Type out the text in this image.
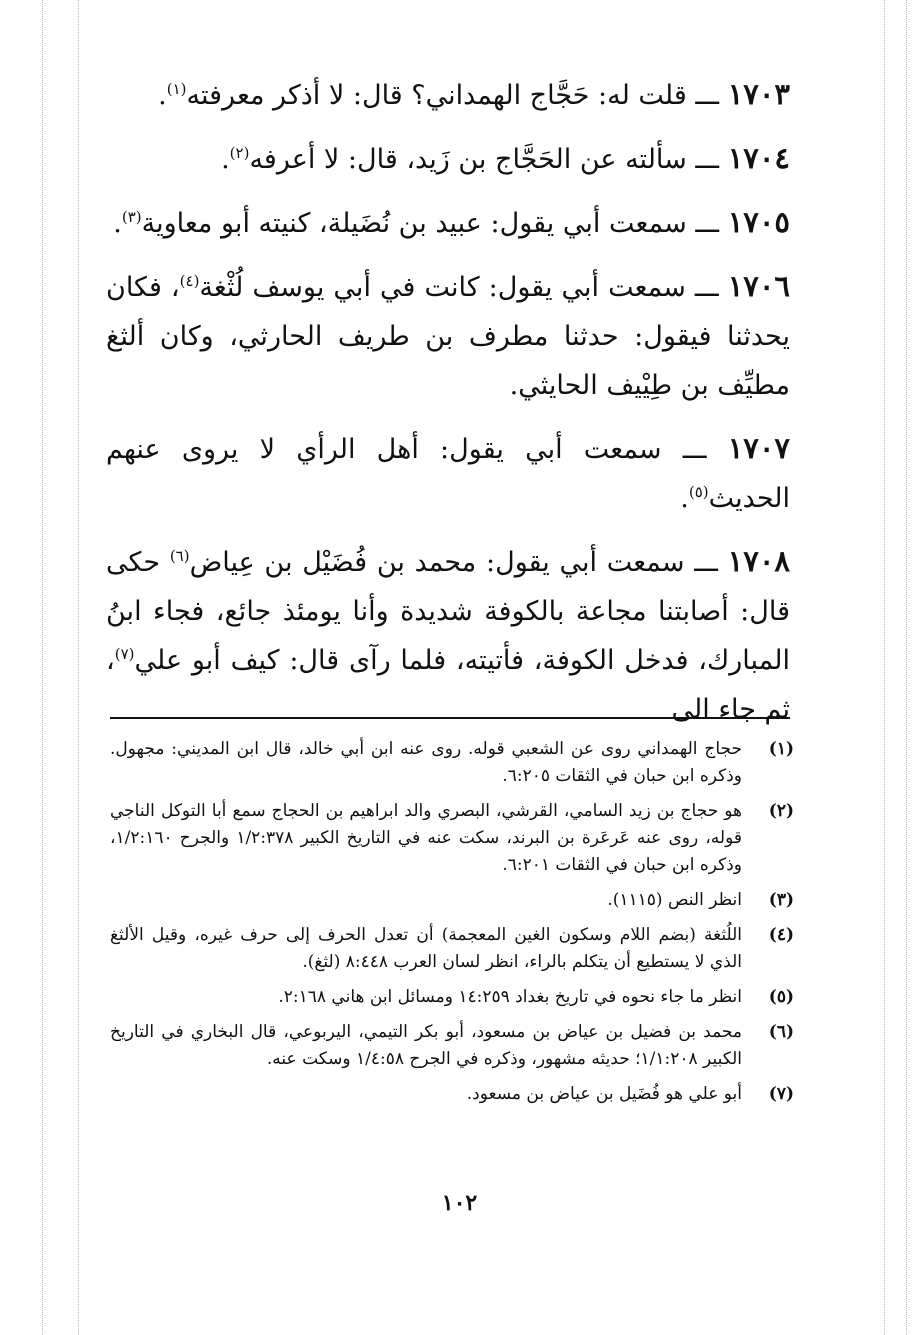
١٧٠٣ ـــ قلت له: حَجَّاج الهمداني؟ قال: لا أذكر معرفته$^{(١)}$.

١٧٠٤ ـــ سألته عن الحَجَّاج بن زَيد، قال: لا أعرفه$^{(٢)}$.

١٧٠٥ ـــ سمعت أبي يقول: عبيد بن نُضَيلة، كنيته أبو معاوية$^{(٣)}$.

١٧٠٦ ـــ سمعت أبي يقول: كانت في أبي يوسف لُثْغة$^{(٤)}$، فكان يحدثنا فيقول: حدثنا مطرف بن طريف الحارثي، وكان ألثغ مطيِّف بن طِيْيف الحايثي.

١٧٠٧ ـــ سمعت أبي يقول: أهل الرأي لا يروى عنهم الحديث$^{(٥)}$.

١٧٠٨ ـــ سمعت أبي يقول: محمد بن فُضَيْل بن عِياض$^{(٦)}$ حكى قال: أصابتنا مجاعة بالكوفة شديدة وأنا يومئذ جائع، فجاء ابنُ المبارك، فدخل الكوفة، فأتيته، فلما رآى قال: كيف أبو علي$^{(٧)}$، ثم جاء الى

(١)
حجاج الهمداني روى عن الشعبي قوله. روى عنه ابن أبي خالد، قال ابن المديني: مجهول. وذكره ابن حبان في الثقات ٦:٢٠٥.
(٢)
هو حجاج بن زيد السامي، القرشي، البصري والد ابراهيم بن الحجاج سمع أبا التوكل الناجي قوله، روى عنه عَرعَرة بن البرند، سكت عنه في التاريخ الكبير ١/٢:٣٧٨ والجرح ١/٢:١٦٠، وذكره ابن حبان في الثقات ٦:٢٠١.
(٣)
انظر النص (١١١٥).
(٤)
اللُثغة (بضم اللام وسكون الغين المعجمة) أن تعدل الحرف إلى حرف غيره، وقيل الألثغ الذي لا يستطيع أن يتكلم بالراء، انظر لسان العرب ٨:٤٤٨ (لثغ).
(٥)
انظر ما جاء نحوه في تاريخ بغداد ١٤:٢٥٩ ومسائل ابن هاني ٢:١٦٨.
(٦)
محمد بن فضيل بن عياض بن مسعود، أبو بكر التيمي، اليربوعي، قال البخاري في التاريخ الكبير ١/١:٢٠٨؛ حديثه مشهور، وذكره في الجرح ١/٤:٥٨ وسكت عنه.
(٧)
أبو علي هو فُضَيل بن عياض بن مسعود.
١٠٢
